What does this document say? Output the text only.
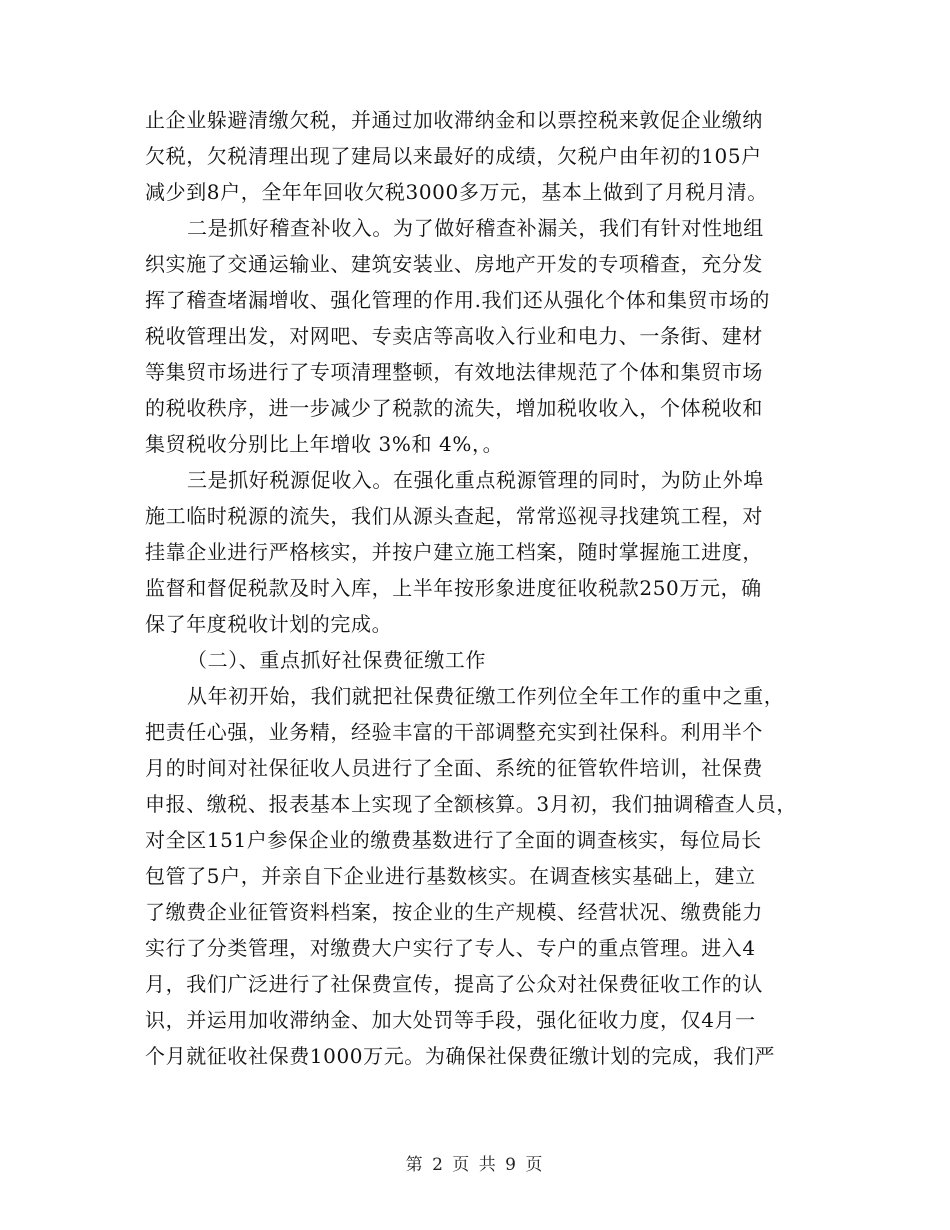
止企业躲避清缴欠税，并通过加收滞纳金和以票控税来敦促企业缴纳
欠税，欠税清理出现了建局以来最好的成绩，欠税户由年初的105户
减少到8户，全年年回收欠税3000多万元，基本上做到了月税月清。
二是抓好稽查补收入。为了做好稽查补漏关，我们有针对性地组
织实施了交通运输业、建筑安装业、房地产开发的专项稽查，充分发
挥了稽查堵漏增收、强化管理的作用.我们还从强化个体和集贸市场的
税收管理出发，对网吧、专卖店等高收入行业和电力、一条街、建材
等集贸市场进行了专项清理整顿，有效地法律规范了个体和集贸市场
的税收秩序，进一步减少了税款的流失，增加税收收入，个体税收和
集贸税收分别比上年增收 3%和 4%，。
三是抓好税源促收入。在强化重点税源管理的同时，为防止外埠
施工临时税源的流失，我们从源头查起，常常巡视寻找建筑工程，对
挂靠企业进行严格核实，并按户建立施工档案，随时掌握施工进度，
监督和督促税款及时入库，上半年按形象进度征收税款250万元，确
保了年度税收计划的完成。
（二）、重点抓好社保费征缴工作
从年初开始，我们就把社保费征缴工作列位全年工作的重中之重，
把责任心强，业务精，经验丰富的干部调整充实到社保科。利用半个
月的时间对社保征收人员进行了全面、系统的征管软件培训，社保费
申报、缴税、报表基本上实现了全额核算。3月初，我们抽调稽查人员，
对全区151户参保企业的缴费基数进行了全面的调查核实，每位局长
包管了5户，并亲自下企业进行基数核实。在调查核实基础上，建立
了缴费企业征管资料档案，按企业的生产规模、经营状况、缴费能力
实行了分类管理，对缴费大户实行了专人、专户的重点管理。进入4
月，我们广泛进行了社保费宣传，提高了公众对社保费征收工作的认
识，并运用加收滞纳金、加大处罚等手段，强化征收力度，仅4月一
个月就征收社保费1000万元。为确保社保费征缴计划的完成，我们严
第 2 页 共 9 页
